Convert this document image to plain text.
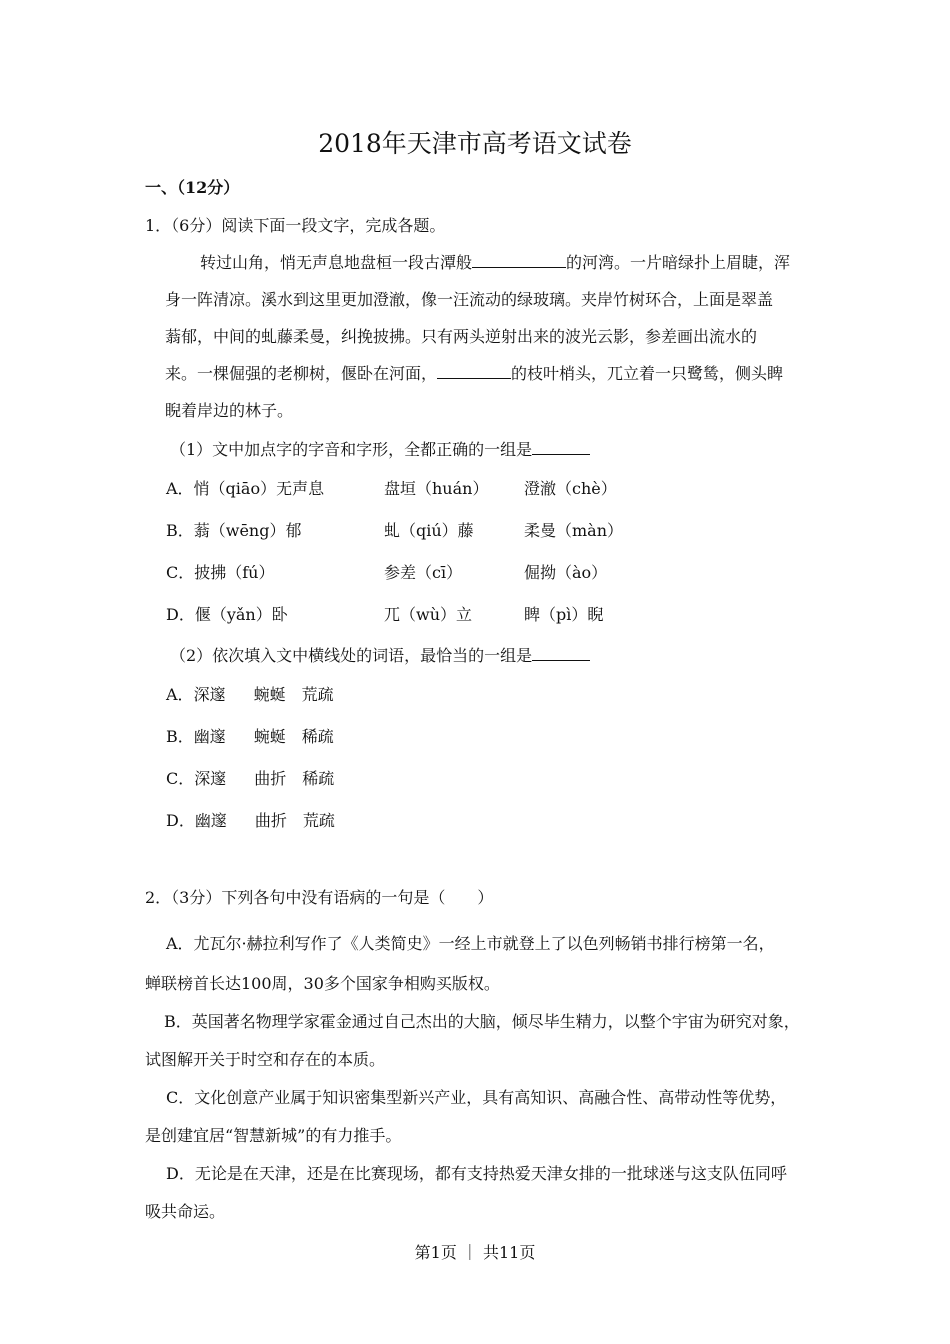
2018年天津市高考语文试卷
一、（12分）
1．（6分）阅读下面一段文字，完成各题。
转过山角，悄无声息地盘桓一段古潭般	的河湾。一片暗绿扑上眉睫，浑
身一阵清凉。溪水到这里更加澄澈，像一汪流动的绿玻璃。夹岸竹树环合，上面是翠盖
蓊郁，中间的虬藤柔曼，纠挽披拂。只有两头逆射出来的波光云影，参差画出流水的
来。一棵倔强的老柳树，偃卧在河面，	的枝叶梢头，兀立着一只鹭鸶，侧头睥
睨着岸边的林子。
（1）文中加点字的字音和字形，全都正确的一组是
A．悄（qiāo）无声息	盘垣（huán） 澄澈（chè）
B．蓊（wēng）郁	虬（qiú）藤	柔曼（màn）
C．披拂（fú）	参差（cī）	倔拗（ào）
D．偃（yǎn）卧	兀（wù）立	睥（pì）睨
（2）依次填入文中横线处的词语，最恰当的一组是
A．深邃 蜿蜒 荒疏
B．幽邃 蜿蜒 稀疏
C．深邃 曲折 稀疏
D．幽邃 曲折 荒疏
2．（3分）下列各句中没有语病的一句是（　　）
A．尤瓦尔·赫拉利写作了《人类简史》一经上市就登上了以色列畅销书排行榜第一名，
蝉联榜首长达100周，30多个国家争相购买版权。
B．英国著名物理学家霍金通过自己杰出的大脑，倾尽毕生精力，以整个宇宙为研究对象，
试图解开关于时空和存在的本质。
C．文化创意产业属于知识密集型新兴产业，具有高知识、高融合性、高带动性等优势，
是创建宜居“智慧新城”的有力推手。
D．无论是在天津，还是在比赛现场，都有支持热爱天津女排的一批球迷与这支队伍同呼
吸共命运。
第1页 ｜ 共11页
